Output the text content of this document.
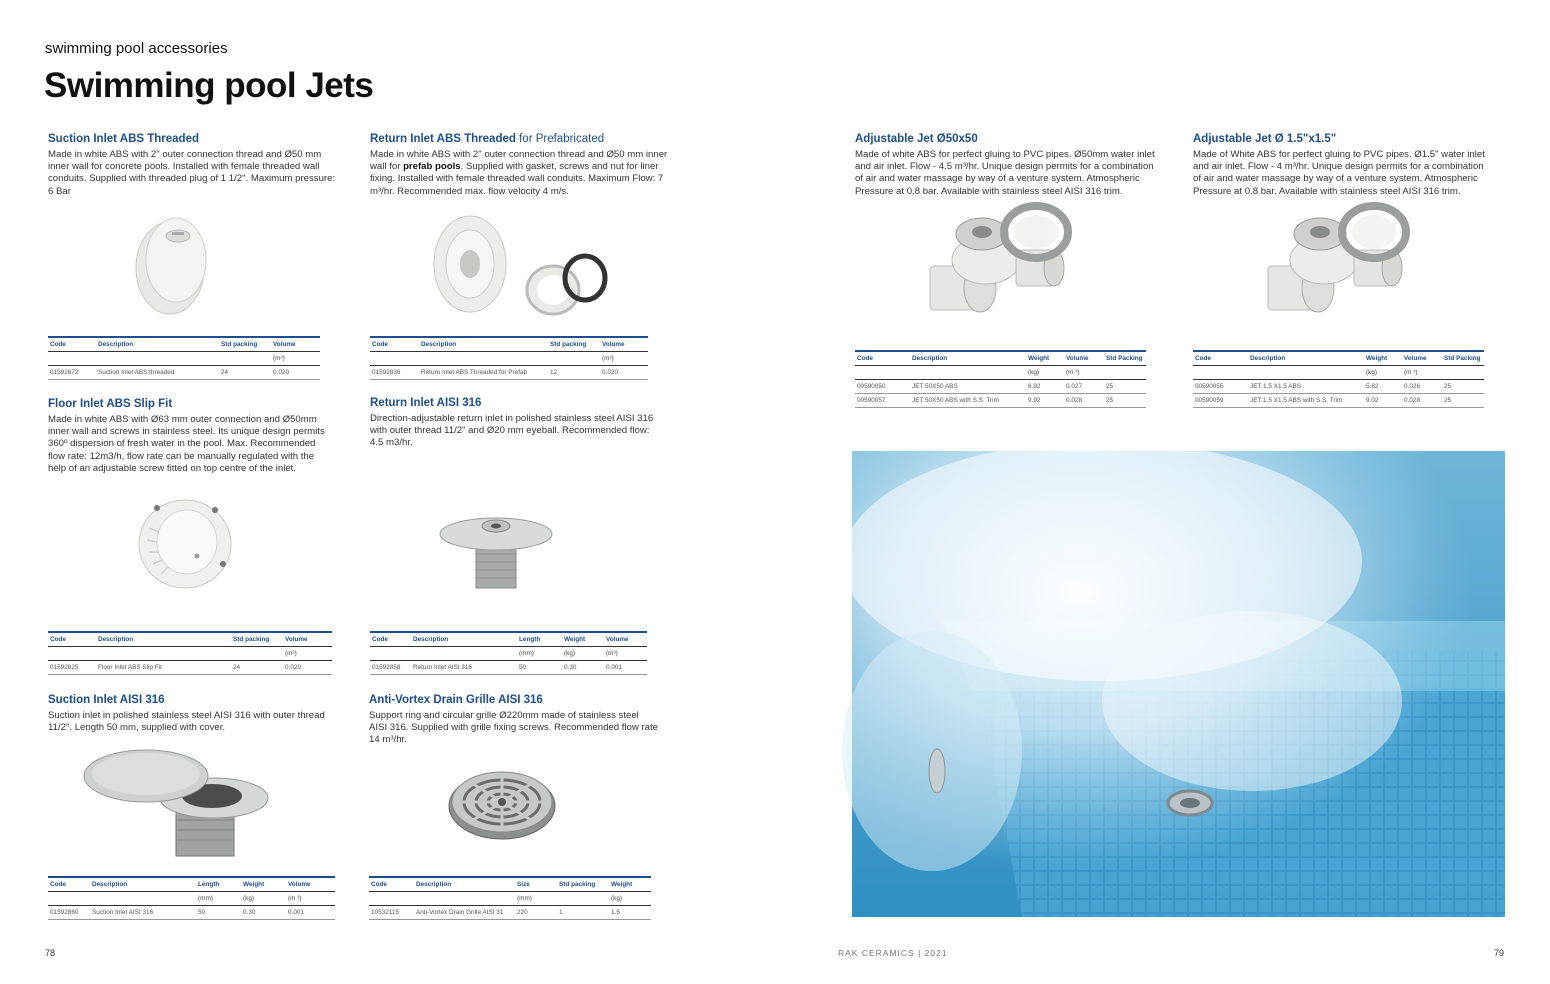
swimming pool accessories
Swimming pool Jets
Suction Inlet ABS Threaded

Made in white ABS with 2" outer connection thread and Ø50 mm inner wall for concrete pools. Installed with female threaded wall conduits. Supplied with threaded plug of 1 1/2". Maximum pressure: 6 Bar

Code	Description	Std packing	Volume
			(m³)
01592672	Suction Inlet ABS threaded	24	0.020
Return Inlet ABS Threaded for Prefabricated

Made in white ABS with 2" outer connection thread and Ø50 mm inner wall for prefab pools. Supplied with gasket, screws and nut for liner fixing. Installed with female threaded wall conduits. Maximum Flow: 7 m³/hr. Recommended max. flow velocity 4 m/s.

Code	Description	Std packing	Volume
			(m³)
01592836	Return Inlet ABS Threaded for Prefab	12	0.020
Floor Inlet ABS Slip Fit

Made in white ABS with Ø63 mm outer connection and Ø50mm inner wall and screws in stainless steel. Its unique design permits 360º dispersion of fresh water in the pool. Max. Recommended flow rate: 12m3/h, flow rate can be manually regulated with the help of an adjustable screw fitted on top centre of the inlet.

Code	Description	Std packing	Volume
			(m³)
01592825	Floor Inlet ABS Slip Fit	24	0.020
Return Inlet AISI 316

Direction-adjustable return inlet in polished stainless steel AISI 316 with outer thread 11/2" and Ø20 mm eyeball. Recommended flow: 4.5 m3/hr.

Code	Description	Length	Weight	Volume
		(mm)	(kg)	(m³)
01592858	Return Inlet AISI 316	50	0.30	0.001
Suction Inlet AISI 316

Suction inlet in polished stainless steel AISI 316 with outer thread 11/2". Length 50 mm, supplied with cover.

Code	Description	Length	Weight	Volume
		(mm)	(kg)	(m ³)
01592860	Suction Inlet AISI 316	50	0.30	0.001
Anti-Vortex Drain Grille AISI 316

Support ring and circular grille Ø220mm made of stainless steel AISI 316. Supplied with grille fixing screws. Recommended flow rate 14 m³/hr.

Code	Description	Size	Std packing	Weight
		(mm)		(kg)
10532115	Anti-Vortex Drain Grille AISI 31	220	1	1.5
Adjustable Jet Ø50x50

Made of white ABS for perfect gluing to PVC pipes. Ø50mm water inlet and air inlet. Flow - 4.5 m³/hr. Unique design permits for a combination of air and water massage by way of a venture system. Atmospheric Pressure at 0.8 bar. Available with stainless steel AISI 316 trim.

Code	Description	Weight	Volume	Std Packing
		(kg)	(m ³)	
00590050	JET 50X50 ABS	6.92	0.027	25
00590057	JET 50X50 ABS with S.S. Trim	9.92	0.028	25
Adjustable Jet Ø 1.5"x1.5"

Made of White ABS for perfect gluing to PVC pipes. Ø1.5" water inlet and air inlet. Flow - 4 m³/hr. Unique design permits for a combination of air and water massage by way of a venture system. Atmospheric Pressure at 0.8 bar. Available with stainless steel AISI 316 trim.

Code	Description	Weight	Volume	Std Packing
		(kg)	(m ³)	
00590055	JET 1.5 X1.5 ABS	5.82	0.026	25
00590059	JET 1.5 X1.5 ABS with S.S. Trim	9.02	0.028	25
78	RAK CERAMICS | 2021	79
